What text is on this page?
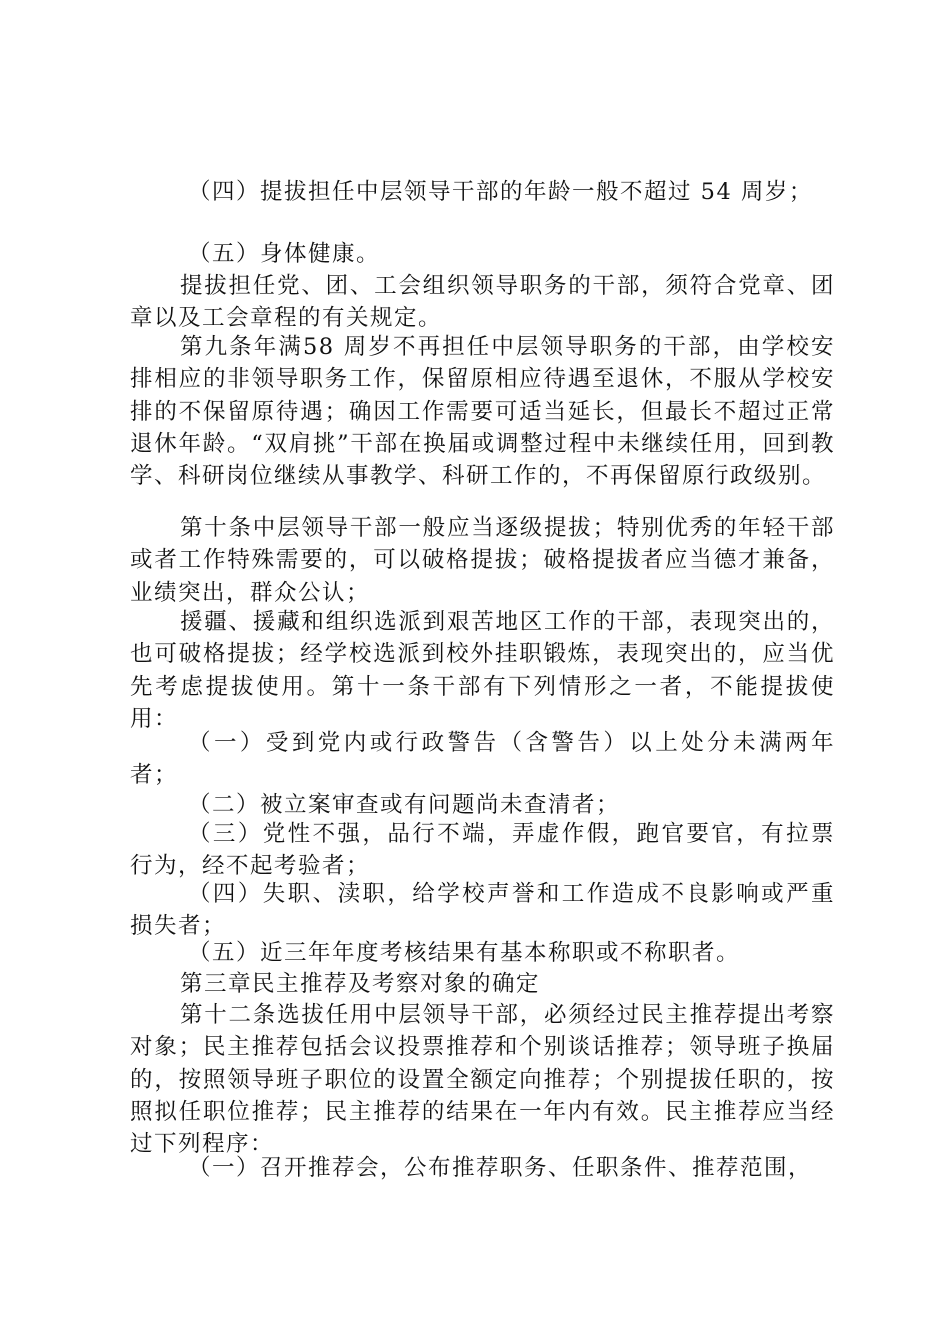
（四）提拔担任中层领导干部的年龄一般不超过 54 周岁；

（五）身体健康。

提拔担任党、团、工会组织领导职务的干部，须符合党章、团章以及工会章程的有关规定。

第九条年满58 周岁不再担任中层领导职务的干部，由学校安排相应的非领导职务工作，保留原相应待遇至退休，不服从学校安排的不保留原待遇；确因工作需要可适当延长，但最长不超过正常退休年龄。“双肩挑”干部在换届或调整过程中未继续任用，回到教学、科研岗位继续从事教学、科研工作的，不再保留原行政级别。

第十条中层领导干部一般应当逐级提拔；特别优秀的年轻干部或者工作特殊需要的，可以破格提拔；破格提拔者应当德才兼备，业绩突出，群众公认；

援疆、援藏和组织选派到艰苦地区工作的干部，表现突出的，也可破格提拔；经学校选派到校外挂职锻炼，表现突出的，应当优先考虑提拔使用。第十一条干部有下列情形之一者，不能提拔使用：

（一）受到党内或行政警告（含警告）以上处分未满两年者；

（二）被立案审查或有问题尚未查清者；

（三）党性不强，品行不端，弄虚作假，跑官要官，有拉票行为，经不起考验者；

（四）失职、渎职，给学校声誉和工作造成不良影响或严重损失者；

（五）近三年年度考核结果有基本称职或不称职者。

第三章民主推荐及考察对象的确定

第十二条选拔任用中层领导干部，必须经过民主推荐提出考察对象；民主推荐包括会议投票推荐和个别谈话推荐；领导班子换届的，按照领导班子职位的设置全额定向推荐；个别提拔任职的，按照拟任职位推荐；民主推荐的结果在一年内有效。民主推荐应当经过下列程序：

（一）召开推荐会，公布推荐职务、任职条件、推荐范围，
